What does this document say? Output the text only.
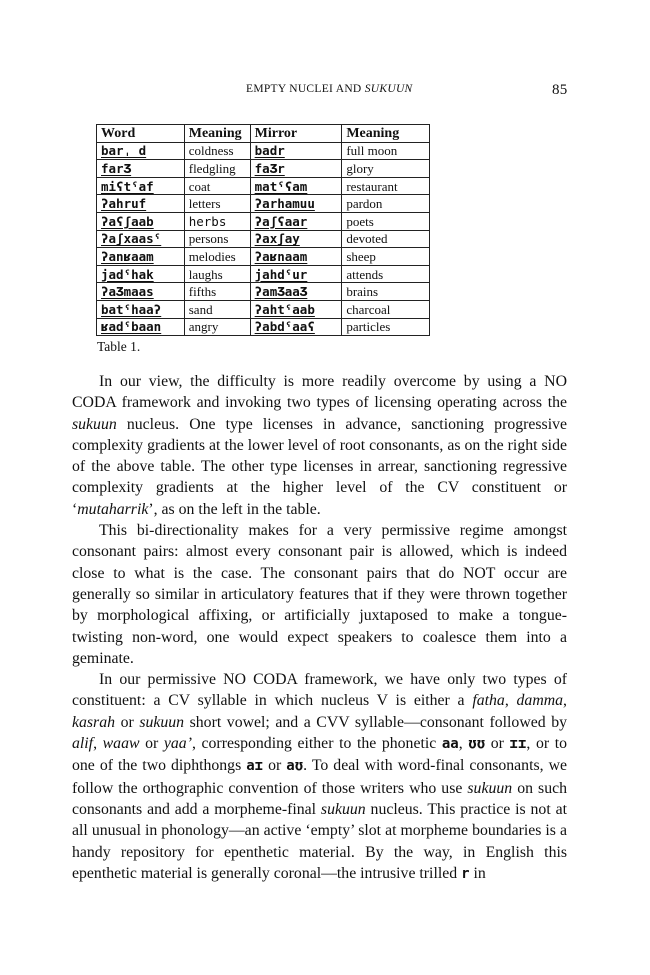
EMPTY NUCLEI AND SUKUUN	85
Word	Meaning	Mirror	Meaning
barˌ d	coldness	badr	full moon
farƷ	fledgling	faƷr	glory
miʕtˤaf	coat	matˤʕam	restaurant
ʔahruf	letters	ʔarhamuu	pardon
ʔaʕʃaab	herbs	ʔaʃʕaar	poets
ʔaʃxaasˤ	persons	ʔaxʃay	devoted
ʔanʁaam	melodies	ʔaʁnaam	sheep
jadˤhak	laughs	jahdˤur	attends
ʔaƷmaas	fifths	ʔamƷaaƷ	brains
batˤhaaʔ	sand	ʔahtˤaab	charcoal
ʁadˤbaan	angry	ʔabdˤaaʕ	particles
Table 1.

In our view, the difficulty is more readily overcome by using a NO CODA framework and invoking two types of licensing operating across the sukuun nucleus. One type licenses in advance, sanctioning progressive complexity gradients at the lower level of root consonants, as on the right side of the above table. The other type licenses in arrear, sanctioning regressive complexity gradients at the higher level of the CV constituent or ‘mutaharrik’, as on the left in the table.

This bi-directionality makes for a very permissive regime amongst consonant pairs: almost every consonant pair is allowed, which is indeed close to what is the case. The consonant pairs that do NOT occur are generally so similar in articulatory features that if they were thrown together by morphological affixing, or artificially juxtaposed to make a tongue-twisting non-word, one would expect speakers to coalesce them into a geminate.

In our permissive NO CODA framework, we have only two types of constituent: a CV syllable in which nucleus V is either a fatha, damma, kasrah or sukuun short vowel; and a CVV syllable—consonant followed by alif, waaw or yaa’, corresponding either to the phonetic aa, ʊʊ or ɪɪ, or to one of the two diphthongs aɪ or aʊ. To deal with word-final consonants, we follow the orthographic convention of those writers who use sukuun on such consonants and add a morpheme-final sukuun nucleus. This practice is not at all unusual in phonology—an active ‘empty’ slot at morpheme boundaries is a handy repository for epenthetic material. By the way, in English this epenthetic material is generally coronal—the intrusive trilled r in
